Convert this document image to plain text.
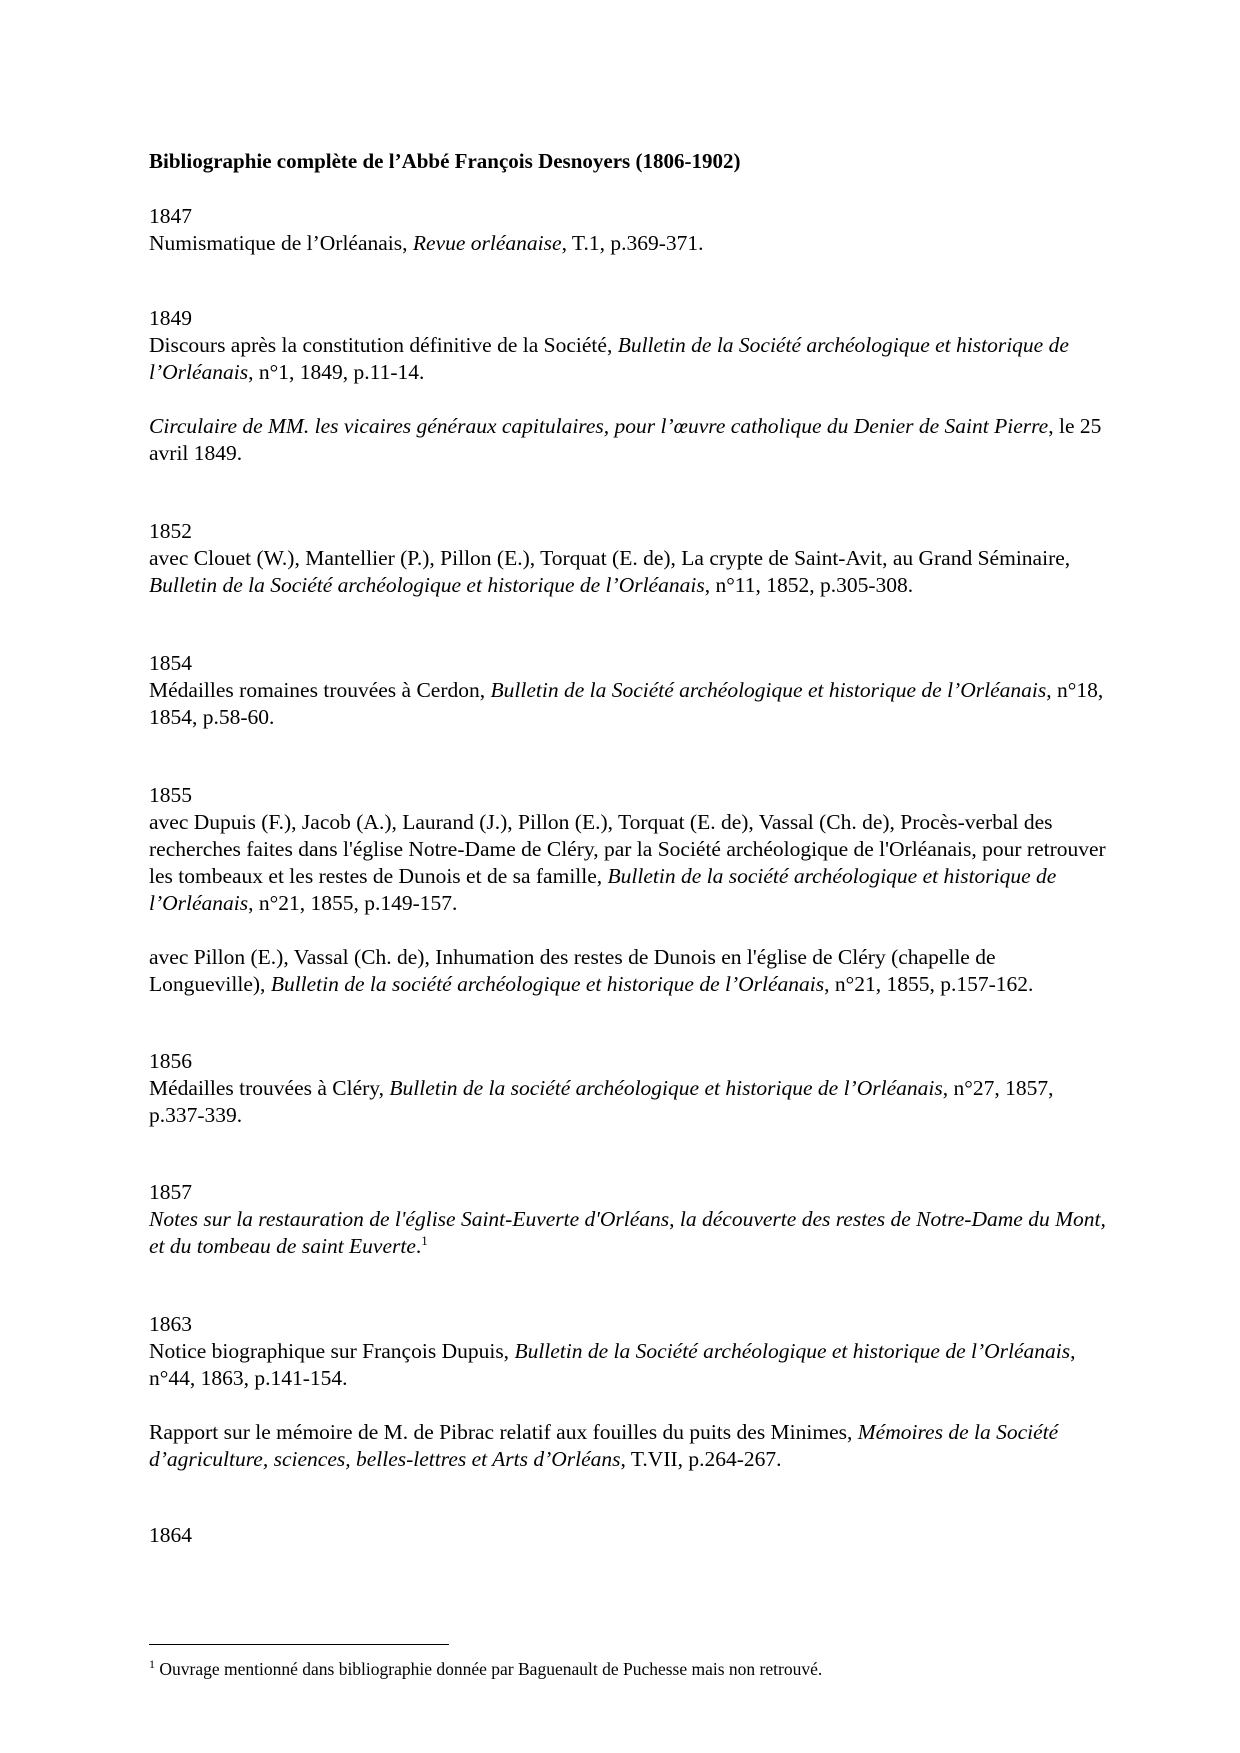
Bibliographie complète de l’Abbé François Desnoyers (1806-1902)
1847

Numismatique de l’Orléanais, Revue orléanaise, T.1, p.369-371.

1849

Discours après la constitution définitive de la Société, Bulletin de la Société archéologique et historique de l’Orléanais, n°1, 1849, p.11-14.

Circulaire de MM. les vicaires généraux capitulaires, pour l’œuvre catholique du Denier de Saint Pierre, le 25 avril 1849.

1852

avec Clouet (W.), Mantellier (P.), Pillon (E.), Torquat (E. de), La crypte de Saint-Avit, au Grand Séminaire, Bulletin de la Société archéologique et historique de l’Orléanais, n°11, 1852, p.305-308.

1854

Médailles romaines trouvées à Cerdon, Bulletin de la Société archéologique et historique de l’Orléanais, n°18, 1854, p.58-60.

1855

avec Dupuis (F.), Jacob (A.), Laurand (J.), Pillon (E.), Torquat (E. de), Vassal (Ch. de), Procès-verbal des recherches faites dans l'église Notre-Dame de Cléry, par la Société archéologique de l'Orléanais, pour retrouver les tombeaux et les restes de Dunois et de sa famille, Bulletin de la société archéologique et historique de l’Orléanais, n°21, 1855, p.149-157.

avec Pillon (E.), Vassal (Ch. de), Inhumation des restes de Dunois en l'église de Cléry (chapelle de Longueville), Bulletin de la société archéologique et historique de l’Orléanais, n°21, 1855, p.157-162.

1856

Médailles trouvées à Cléry, Bulletin de la société archéologique et historique de l’Orléanais, n°27, 1857, p.337-339.

1857

Notes sur la restauration de l'église Saint-Euverte d'Orléans, la découverte des restes de Notre-Dame du Mont, et du tombeau de saint Euverte.$^1$

1863

Notice biographique sur François Dupuis, Bulletin de la Société archéologique et historique de l’Orléanais, n°44, 1863, p.141-154.

Rapport sur le mémoire de M. de Pibrac relatif aux fouilles du puits des Minimes, Mémoires de la Société d’agriculture, sciences, belles-lettres et Arts d’Orléans, T.VII, p.264-267.

1864
$^1$ Ouvrage mentionné dans bibliographie donnée par Baguenault de Puchesse mais non retrouvé.
